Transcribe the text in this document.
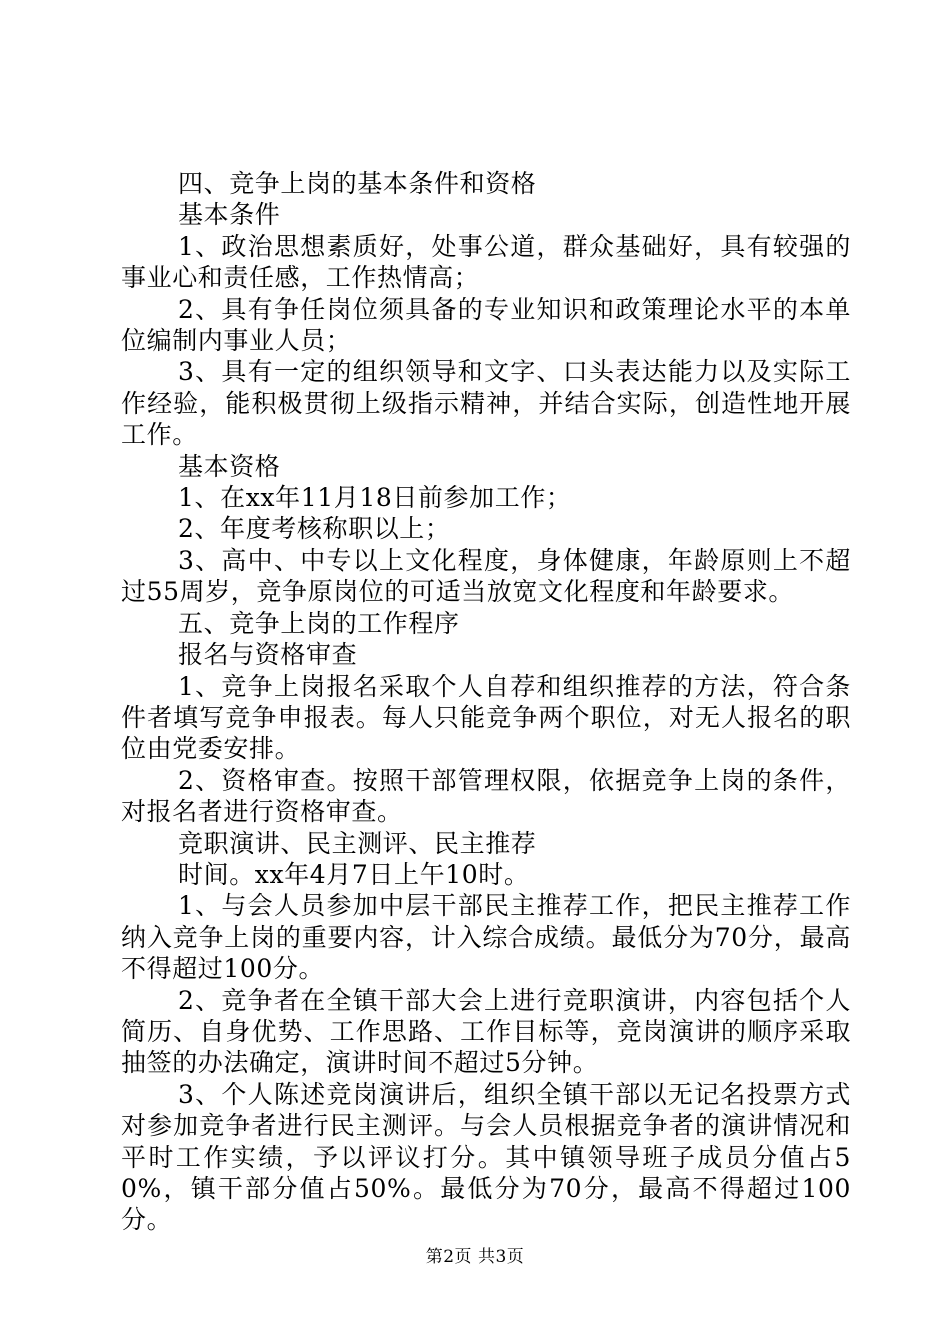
四、竞争上岗的基本条件和资格

基本条件

1、政治思想素质好，处事公道，群众基础好，具有较强的事业心和责任感，工作热情高；

2、具有争任岗位须具备的专业知识和政策理论水平的本单位编制内事业人员；

3、具有一定的组织领导和文字、口头表达能力以及实际工作经验，能积极贯彻上级指示精神，并结合实际，创造性地开展工作。

基本资格

1、在xx年11月18日前参加工作；

2、年度考核称职以上；

3、高中、中专以上文化程度，身体健康，年龄原则上不超过55周岁，竞争原岗位的可适当放宽文化程度和年龄要求。

五、竞争上岗的工作程序

报名与资格审查

1、竞争上岗报名采取个人自荐和组织推荐的方法，符合条件者填写竞争申报表。每人只能竞争两个职位，对无人报名的职位由党委安排。

2、资格审查。按照干部管理权限，依据竞争上岗的条件，对报名者进行资格审查。

竞职演讲、民主测评、民主推荐

时间。xx年4月7日上午10时。

1、与会人员参加中层干部民主推荐工作，把民主推荐工作纳入竞争上岗的重要内容，计入综合成绩。最低分为70分，最高不得超过100分。

2、竞争者在全镇干部大会上进行竞职演讲，内容包括个人简历、自身优势、工作思路、工作目标等，竞岗演讲的顺序采取抽签的办法确定，演讲时间不超过5分钟。

3、个人陈述竞岗演讲后，组织全镇干部以无记名投票方式对参加竞争者进行民主测评。与会人员根据竞争者的演讲情况和平时工作实绩，予以评议打分。其中镇领导班子成员分值占50%，镇干部分值占50%。最低分为70分，最高不得超过100分。

第2页 共3页
